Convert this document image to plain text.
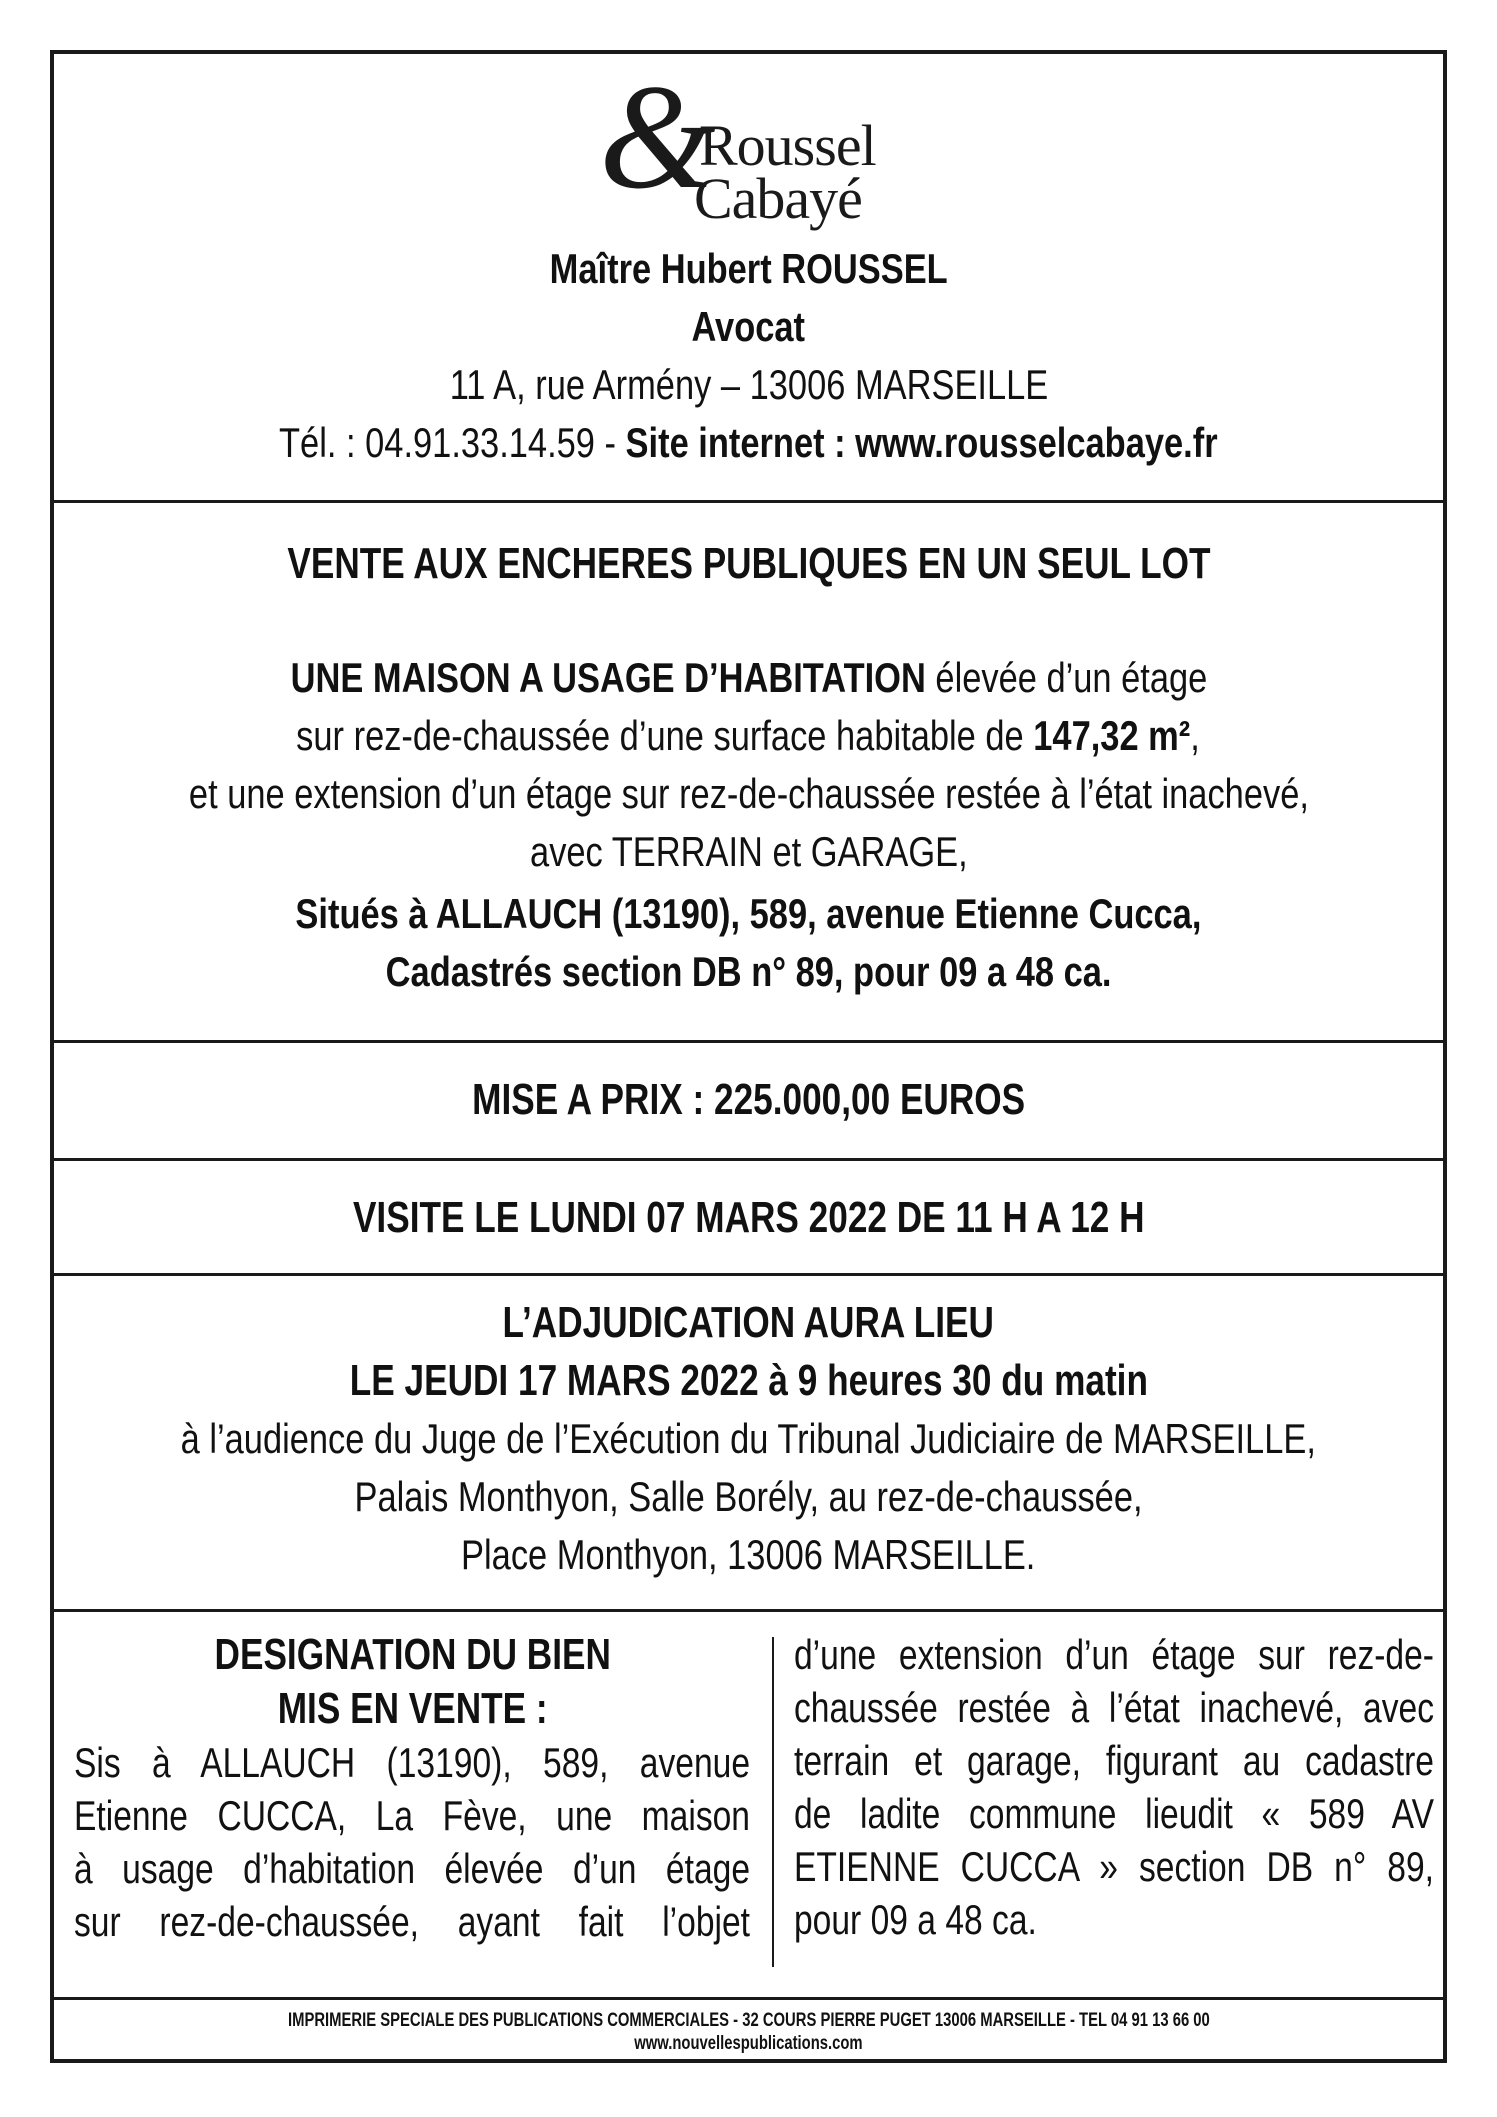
&
Roussel
Cabayé
Maître Hubert ROUSSEL
Avocat
11 A, rue Armény – 13006 MARSEILLE
Tél. : 04.91.33.14.59 - Site internet : www.rousselcabaye.fr
VENTE AUX ENCHERES PUBLIQUES EN UN SEUL LOT
UNE MAISON A USAGE D’HABITATION élevée d’un étage
sur rez-de-chaussée d’une surface habitable de 147,32 m²,
et une extension d’un étage sur rez-de-chaussée restée à l’état inachevé,
avec TERRAIN et GARAGE,
Situés à ALLAUCH (13190), 589, avenue Etienne Cucca,
Cadastrés section DB n° 89, pour 09 a 48 ca.
MISE A PRIX : 225.000,00 EUROS
VISITE LE LUNDI 07 MARS 2022 DE 11 H A 12 H
L’ADJUDICATION AURA LIEU
LE JEUDI 17 MARS 2022 à 9 heures 30 du matin
à l’audience du Juge de l’Exécution du Tribunal Judiciaire de MARSEILLE,
Palais Monthyon, Salle Borély, au rez-de-chaussée,
Place Monthyon, 13006 MARSEILLE.
DESIGNATION DU BIEN
MIS EN VENTE :
Sis à ALLAUCH (13190), 589, avenue
Etienne CUCCA, La Fève, une maison
à usage d’habitation élevée d’un étage
sur rez-de-chaussée, ayant fait l’objet
d’une extension d’un étage sur rez-de-
chaussée restée à l’état inachevé, avec
terrain et garage, figurant au cadastre
de ladite commune lieudit « 589 AV
ETIENNE CUCCA » section DB n° 89,
pour 09 a 48 ca.
IMPRIMERIE SPECIALE DES PUBLICATIONS COMMERCIALES - 32 COURS PIERRE PUGET 13006 MARSEILLE - TEL 04 91 13 66 00
www.nouvellespublications.com
